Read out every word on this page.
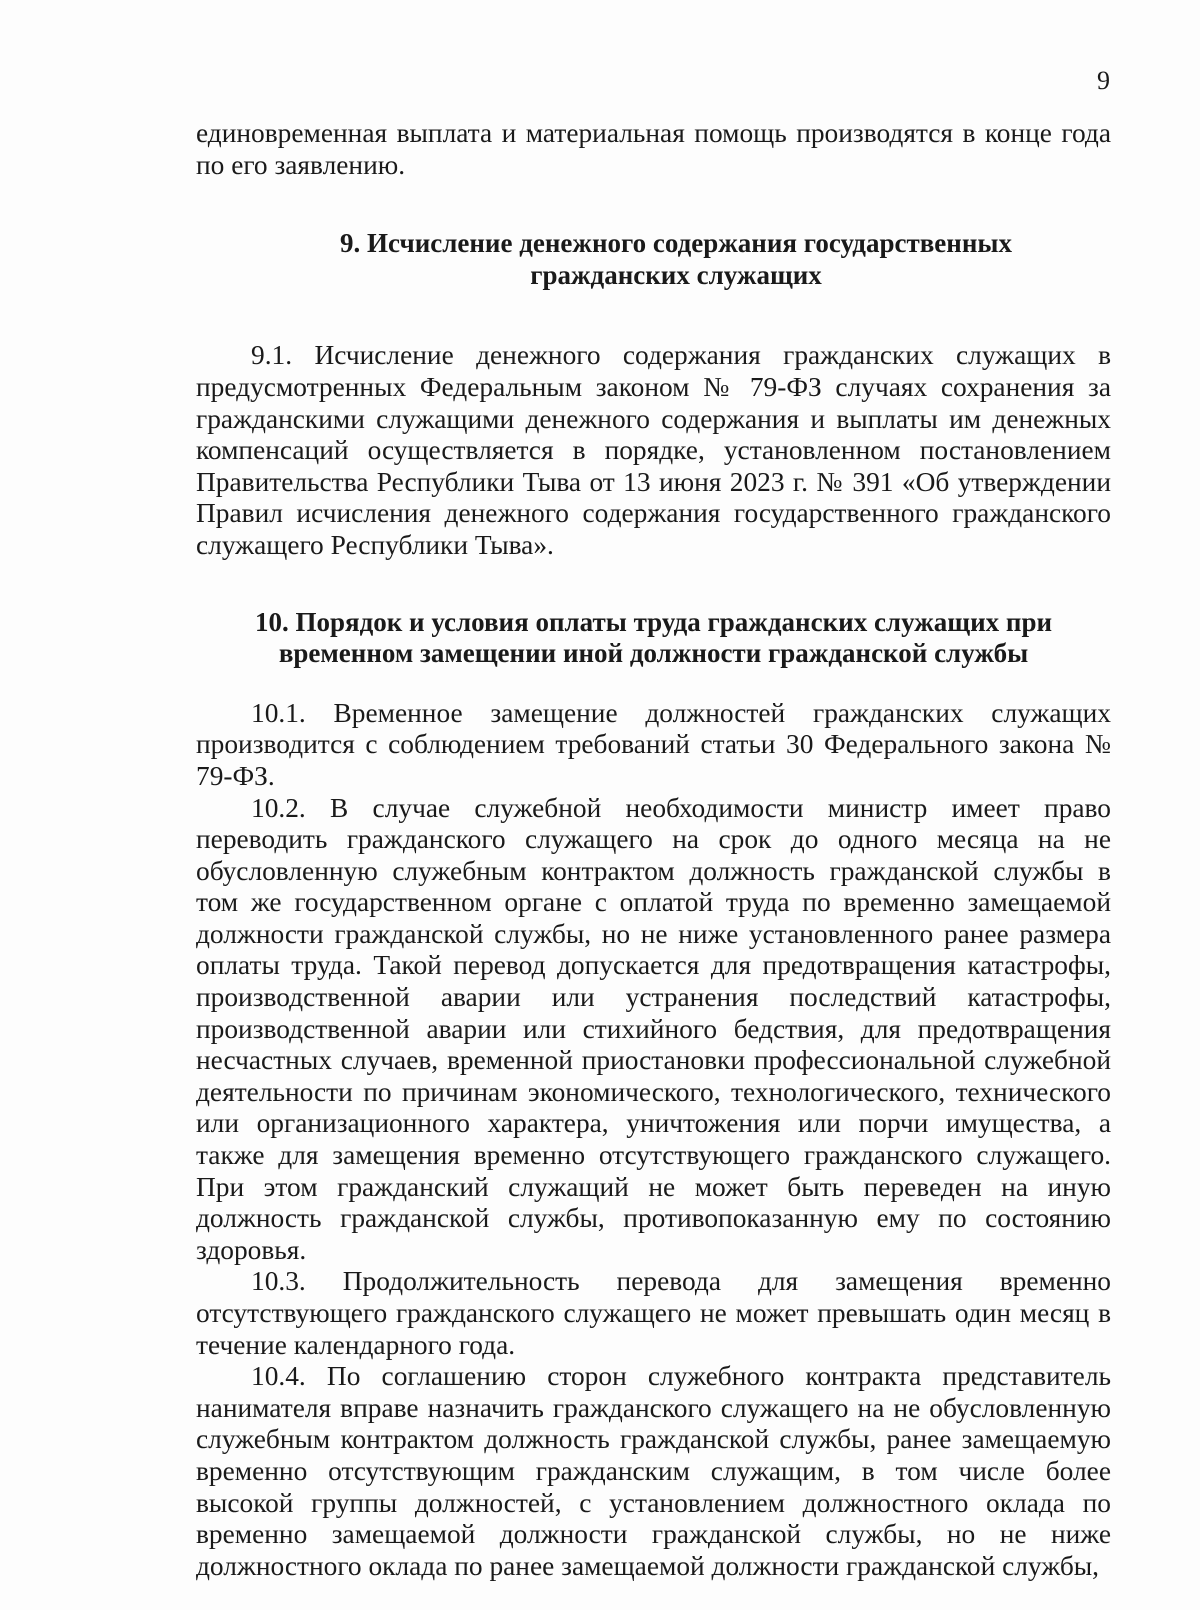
9

единовременная выплата и материальная помощь производятся в конце года по его заявлению.

9. Исчисление денежного содержания государственных
гражданских служащих

9.1. Исчисление денежного содержания гражданских служащих в предусмотренных Федеральным законом № 79-ФЗ случаях сохранения за гражданскими служащими денежного содержания и выплаты им денежных компенсаций осуществляется в порядке, установленном постановлением Правительства Республики Тыва от 13 июня 2023 г. № 391 «Об утверждении Правил исчисления денежного содержания государственного гражданского служащего Республики Тыва».

10. Порядок и условия оплаты труда гражданских служащих при
временном замещении иной должности гражданской службы

10.1. Временное замещение должностей гражданских служащих производится с соблюдением требований статьи 30 Федерального закона № 79-ФЗ.

10.2. В случае служебной необходимости министр имеет право переводить гражданского служащего на срок до одного месяца на не обусловленную служебным контрактом должность гражданской службы в том же государственном органе с оплатой труда по временно замещаемой должности гражданской службы, но не ниже установленного ранее размера оплаты труда. Такой перевод допускается для предотвращения катастрофы, производственной аварии или устранения последствий катастрофы, производственной аварии или стихийного бедствия, для предотвращения несчастных случаев, временной приостановки профессиональной служебной деятельности по причинам экономического, технологического, технического или организационного характера, уничтожения или порчи имущества, а также для замещения временно отсутствующего гражданского служащего. При этом гражданский служащий не может быть переведен на иную должность гражданской службы, противопоказанную ему по состоянию здоровья.

10.3. Продолжительность перевода для замещения временно отсутствующего гражданского служащего не может превышать один месяц в течение календарного года.

10.4. По соглашению сторон служебного контракта представитель нанимателя вправе назначить гражданского служащего на не обусловленную служебным контрактом должность гражданской службы, ранее замещаемую временно отсутствующим гражданским служащим, в том числе более высокой группы должностей, с установлением должностного оклада по временно замещаемой должности гражданской службы, но не ниже должностного оклада по ранее замещаемой должности гражданской службы,
